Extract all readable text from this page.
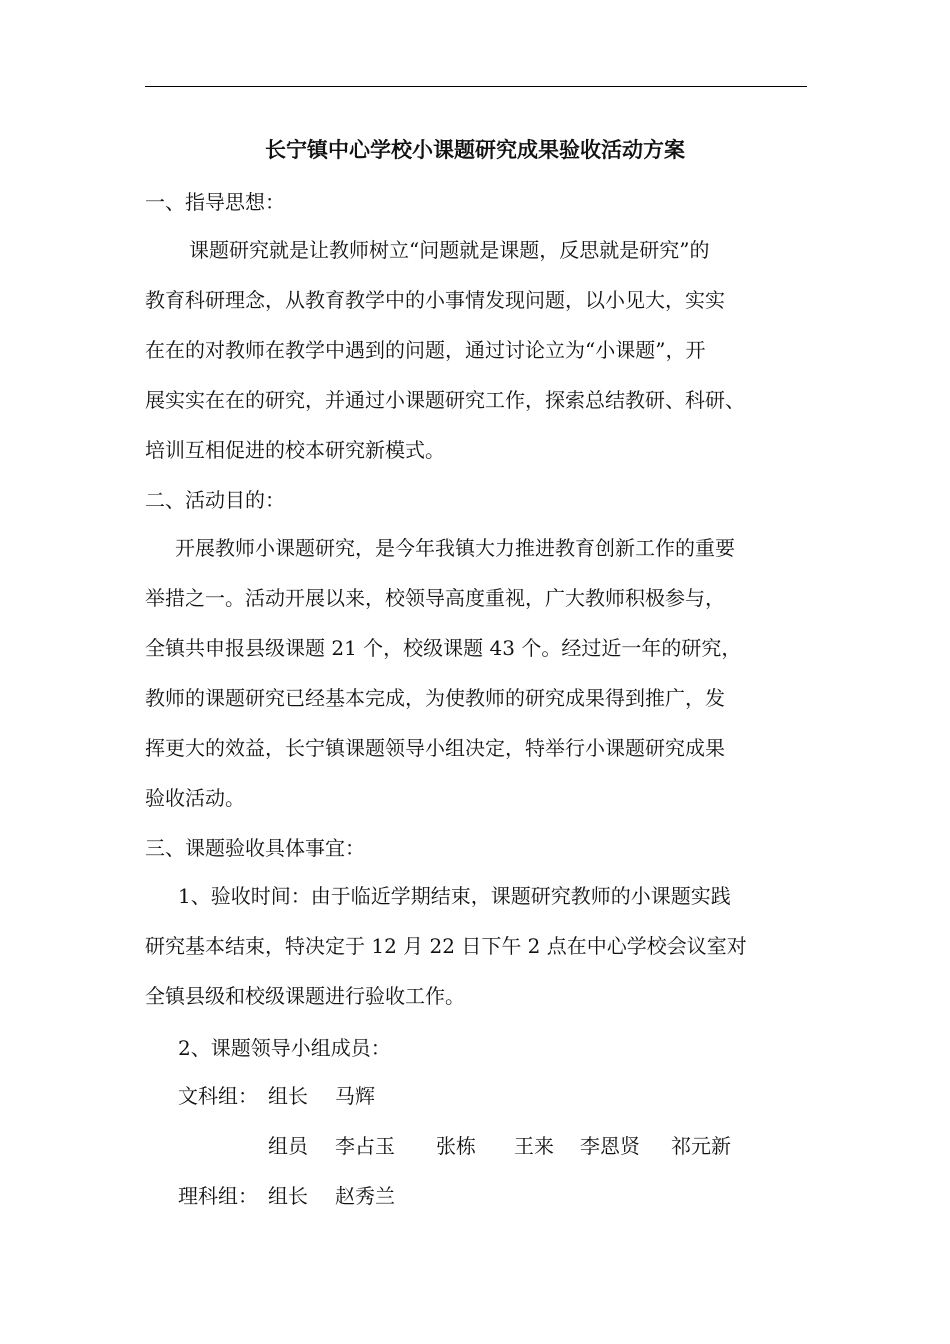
长宁镇中心学校小课题研究成果验收活动方案
一、指导思想：
课题研究就是让教师树立“问题就是课题，反思就是研究”的
教育科研理念，从教育教学中的小事情发现问题，以小见大，实实
在在的对教师在教学中遇到的问题，通过讨论立为“小课题”，开
展实实在在的研究，并通过小课题研究工作，探索总结教研、科研、
培训互相促进的校本研究新模式。
二、活动目的：
开展教师小课题研究，是今年我镇大力推进教育创新工作的重要
举措之一。活动开展以来，校领导高度重视，广大教师积极参与，
全镇共申报县级课题 21 个，校级课题 43 个。经过近一年的研究，
教师的课题研究已经基本完成，为使教师的研究成果得到推广，发
挥更大的效益，长宁镇课题领导小组决定，特举行小课题研究成果
验收活动。
三、课题验收具体事宜：
1、验收时间：由于临近学期结束，课题研究教师的小课题实践
研究基本结束，特决定于 12 月 22 日下午 2 点在中心学校会议室对
全镇县级和校级课题进行验收工作。
2、课题领导小组成员：
文科组： 组长 马辉
组员 李占玉 张栋 王来 李恩贤 祁元新
理科组： 组长 赵秀兰
